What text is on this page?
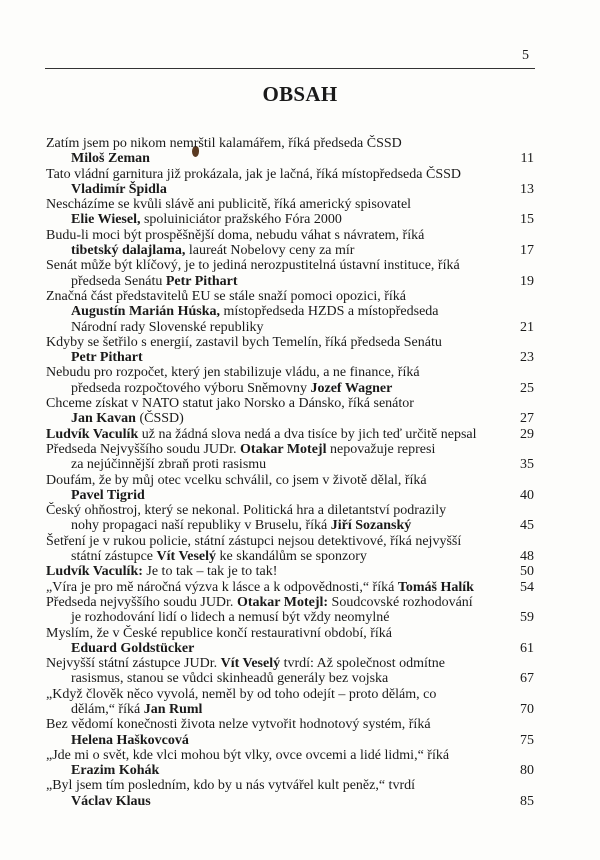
5
OBSAH
Zatím jsem po nikom nemrštil kalamářem, říká předseda ČSSD
Miloš Zeman	11
Tato vládní garnitura již prokázala, jak je lačná, říká místopředseda ČSSD
Vladimír Špidla	13
Nescházíme se kvůli slávě ani publicitě, říká americký spisovatel
Elie Wiesel, spoluiniciátor pražského Fóra 2000	15
Budu-li moci být prospěšnější doma, nebudu váhat s návratem, říká
tibetský dalajlama, laureát Nobelovy ceny za mír	17
Senát může být klíčový, je to jediná nerozpustitelná ústavní instituce, říká
předseda Senátu Petr Pithart	19
Značná část představitelů EU se stále snaží pomoci opozici, říká
Augustín Marián Húska, místopředseda HZDS a místopředseda
Národní rady Slovenské republiky	21
Kdyby se šetřilo s energií, zastavil bych Temelín, říká předseda Senátu
Petr Pithart	23
Nebudu pro rozpočet, který jen stabilizuje vládu, a ne finance, říká
předseda rozpočtového výboru Sněmovny Jozef Wagner	25
Chceme získat v NATO statut jako Norsko a Dánsko, říká senátor
Jan Kavan (ČSSD)	27
Ludvík Vaculík už na žádná slova nedá a dva tisíce by jich teď určitě nepsal	29
Předseda Nejvyššího soudu JUDr. Otakar Motejl nepovažuje represi
za nejúčinnější zbraň proti rasismu	35
Doufám, že by můj otec vcelku schválil, co jsem v životě dělal, říká
Pavel Tigrid	40
Český ohňostroj, který se nekonal. Politická hra a diletantství podrazily
nohy propagaci naší republiky v Bruselu, říká Jiří Sozanský	45
Šetření je v rukou policie, státní zástupci nejsou detektivové, říká nejvyšší
státní zástupce Vít Veselý ke skandálům se sponzory	48
Ludvík Vaculík: Je to tak – tak je to tak!	50
„Víra je pro mě náročná výzva k lásce a k odpovědnosti,“ říká Tomáš Halík	54
Předseda nejvyššího soudu JUDr. Otakar Motejl: Soudcovské rozhodování
je rozhodování lidí o lidech a nemusí být vždy neomylné	59
Myslím, že v České republice končí restaurativní období, říká
Eduard Goldstücker	61
Nejvyšší státní zástupce JUDr. Vít Veselý tvrdí: Až společnost odmítne
rasismus, stanou se vůdci skinheadů generály bez vojska	67
„Když člověk něco vyvolá, neměl by od toho odejít – proto dělám, co
dělám,“ říká Jan Ruml	70
Bez vědomí konečnosti života nelze vytvořit hodnotový systém, říká
Helena Haškovcová	75
„Jde mi o svět, kde vlci mohou být vlky, ovce ovcemi a lidé lidmi,“ říká
Erazim Kohák	80
„Byl jsem tím posledním, kdo by u nás vytvářel kult peněz,“ tvrdí
Václav Klaus	85
